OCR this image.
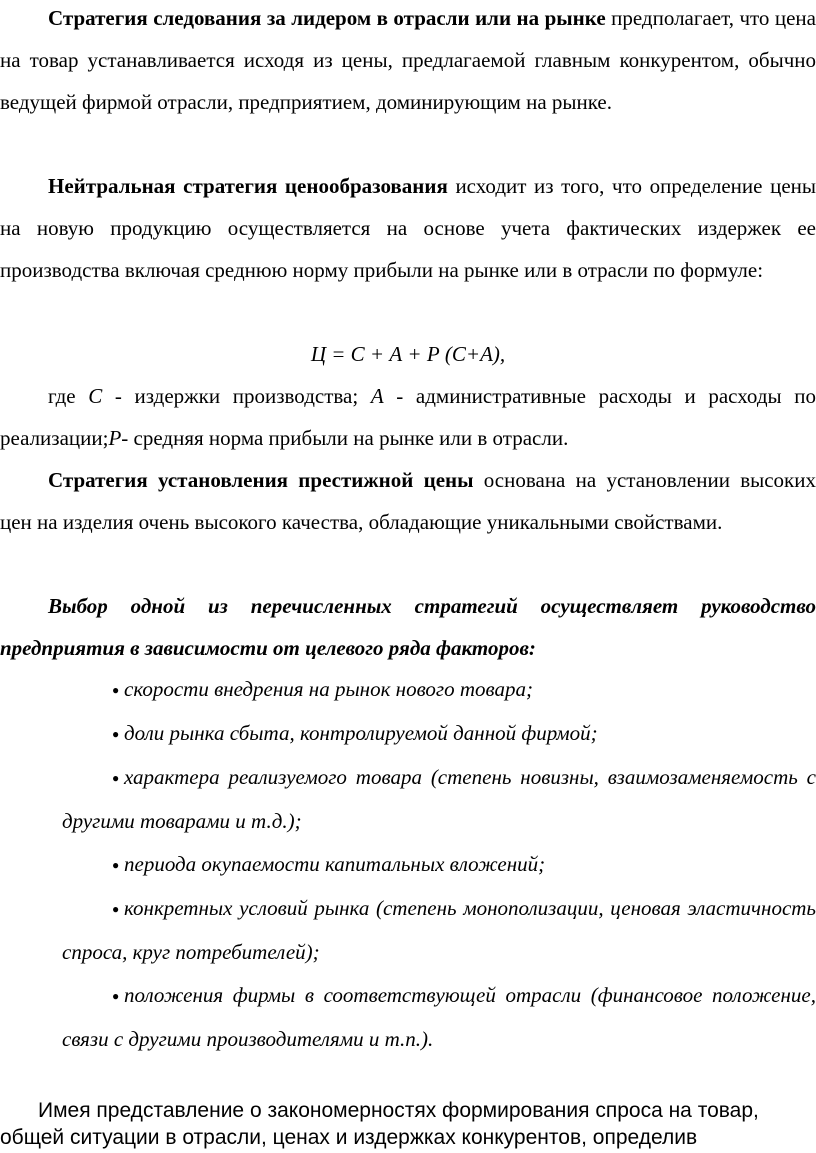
Стратегия следования за лидером в отрасли или на рынке предполагает, что цена на товар устанавливается исходя из цены, предлагаемой главным конкурентом, обычно ведущей фирмой отрасли, предприятием, доминирующим на рынке.

Нейтральная стратегия ценообразования исходит из того, что определение цены на новую продукцию осуществляется на основе учета фактических издержек ее производства включая среднюю норму прибыли на рынке или в отрасли по формуле:

Ц = С + А + Р (С+А),

где С - издержки производства; А - административные расходы и расходы по реализации;Р- средняя норма прибыли на рынке или в отрасли.

Стратегия установления престижной цены основана на установлении высоких цен на изделия очень высокого качества, обладающие уникальными свойствами.

Выбор одной из перечисленных стратегий осуществляет руководство предприятия в зависимости от целевого ряда факторов:

● скорости внедрения на рынок нового товара;

● доли рынка сбыта, контролируемой данной фирмой;

● характера реализуемого товара (степень новизны, взаимозаменяемость с другими товарами и т.д.);

● периода окупаемости капитальных вложений;

● конкретных условий рынка (степень монополизации, ценовая эластичность спроса, круг потребителей);

● положения фирмы в соответствующей отрасли (финансовое положение, связи с другими производителями и т.п.).

Имея представление о закономерностях формирования спроса на товар, общей ситуации в отрасли, ценах и издержках конкурентов, определив
